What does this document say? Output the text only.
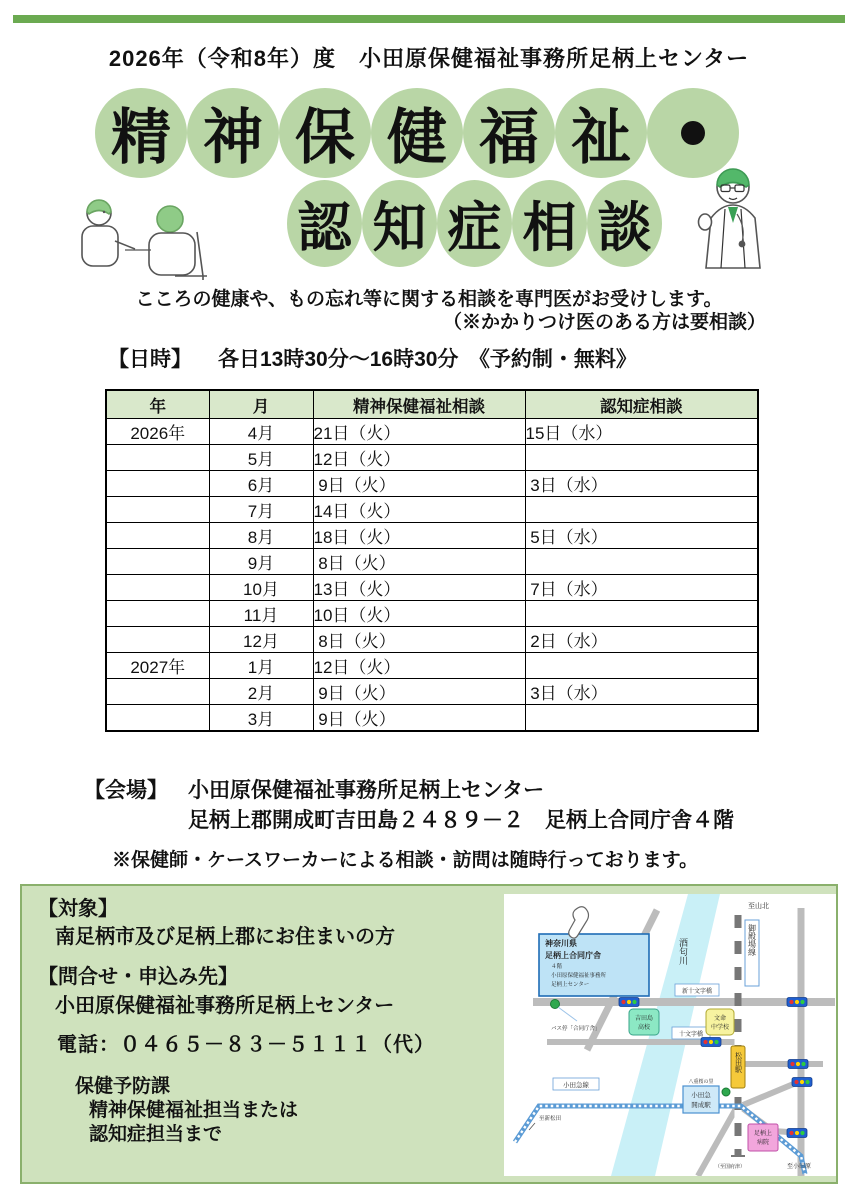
2026年（令和8年）度　小田原保健福祉事務所足柄上センター
精 神 保 健 福 祉
認 知 症 相 談
こころの健康や、もの忘れ等に関する相談を専門医がお受けします。
（※かかりつけ医のある方は要相談）
【日時】 各日13時30分～16時30分　《予約制・無料》
年	月	精神保健福祉相談	認知症相談
2026年	4月	21日（火）	15日（水）
	5月	12日（火）	
	6月	9日（火）	3日（水）
	7月	14日（火）	
	8月	18日（火）	5日（水）
	9月	8日（火）	
	10月	13日（火）	7日（水）
	11月	10日（火）	
	12月	8日（火）	2日（水）
2027年	1月	12日（火）	
	2月	9日（火）	3日（水）
	3月	9日（火）	
【会場】 小田原保健福祉事務所足柄上センター
足柄上郡開成町吉田島２４８９－２　足柄上合同庁舎４階
※保健師・ケースワーカーによる相談・訪問は随時行っております。
【対象】
南足柄市及び足柄上郡にお住まいの方
【問合せ・申込み先】
小田原保健福祉事務所足柄上センター
電話：０４６５－８３－５１１１（代）
保健予防課
精神保健福祉担当または
認知症担当まで
酒匂川
至山北
御殿場線
小田急線
至新松田
新十文字橋
十文字橋
吉田島
高校
文命
中学校
神奈川県
足柄上合同庁舎
４階
小田原保健福祉事務所
足柄上センター
バス停「合同庁舎」
八重桜の里
小田急
開成駅
松田駅
足柄上
病院
至小田原
（至国府津）
